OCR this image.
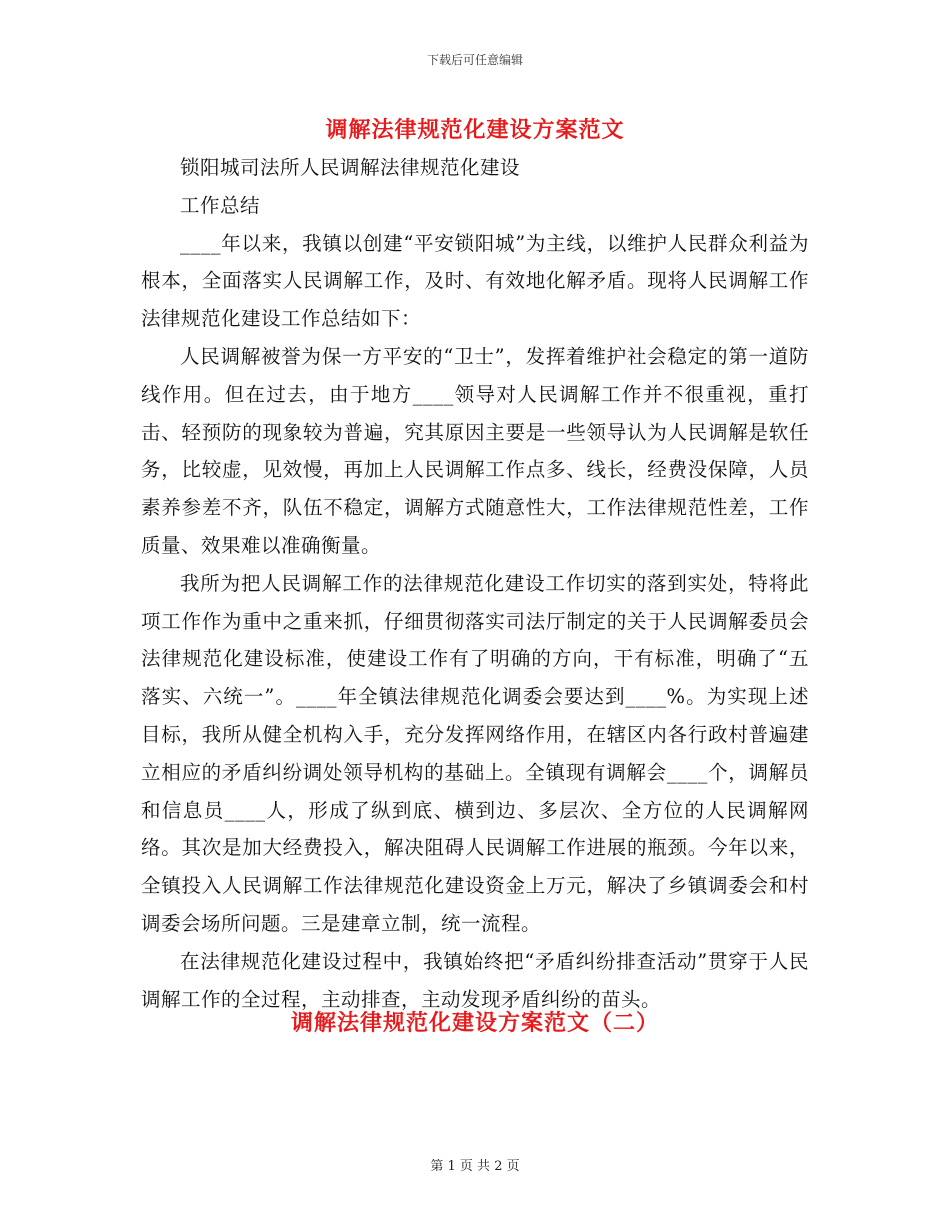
下载后可任意编辑
调解法律规范化建设方案范文

锁阳城司法所人民调解法律规范化建设

工作总结

____年以来，我镇以创建“平安锁阳城”为主线，以维护人民群众利益为根本，全面落实人民调解工作，及时、有效地化解矛盾。现将人民调解工作法律规范化建设工作总结如下：

人民调解被誉为保一方平安的“卫士”，发挥着维护社会稳定的第一道防线作用。但在过去，由于地方____领导对人民调解工作并不很重视，重打击、轻预防的现象较为普遍，究其原因主要是一些领导认为人民调解是软任务，比较虚，见效慢，再加上人民调解工作点多、线长，经费没保障，人员素养参差不齐，队伍不稳定，调解方式随意性大，工作法律规范性差，工作质量、效果难以准确衡量。

我所为把人民调解工作的法律规范化建设工作切实的落到实处，特将此项工作作为重中之重来抓，仔细贯彻落实司法厅制定的关于人民调解委员会法律规范化建设标准，使建设工作有了明确的方向，干有标准，明确了“五落实、六统一”。____年全镇法律规范化调委会要达到____%。为实现上述目标，我所从健全机构入手，充分发挥网络作用，在辖区内各行政村普遍建立相应的矛盾纠纷调处领导机构的基础上。全镇现有调解会____个，调解员和信息员____人，形成了纵到底、横到边、多层次、全方位的人民调解网络。其次是加大经费投入，解决阻碍人民调解工作进展的瓶颈。今年以来，全镇投入人民调解工作法律规范化建设资金上万元，解决了乡镇调委会和村调委会场所问题。三是建章立制，统一流程。

在法律规范化建设过程中，我镇始终把“矛盾纠纷排查活动”贯穿于人民调解工作的全过程，主动排查，主动发现矛盾纠纷的苗头。

调解法律规范化建设方案范文（二）
第 1 页 共 2 页
